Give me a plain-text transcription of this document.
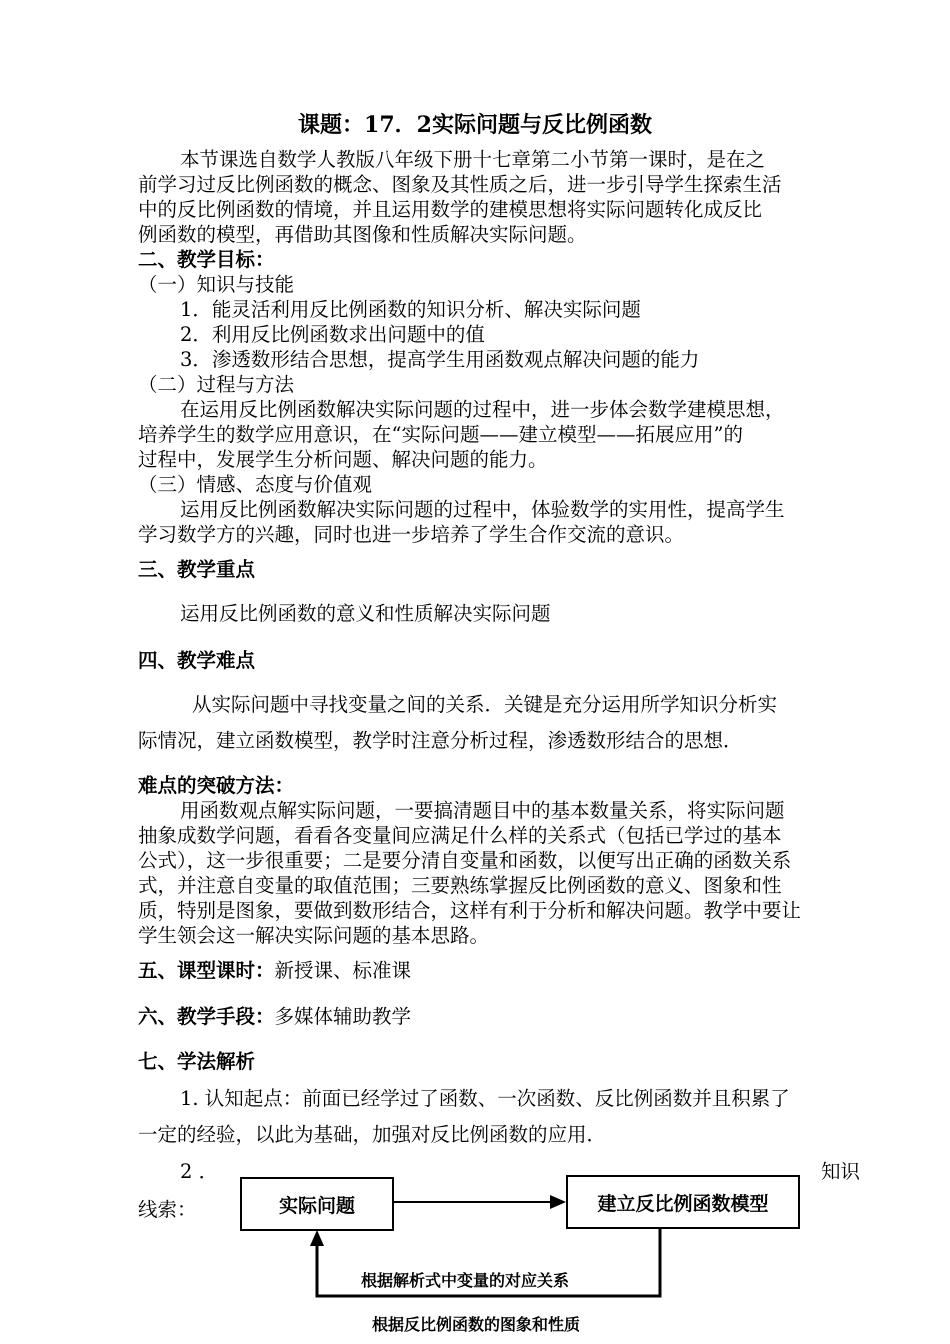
课题：17．2实际问题与反比例函数
本节课选自数学人教版八年级下册十七章第二小节第一课时，是在之
前学习过反比例函数的概念、图象及其性质之后，进一步引导学生探索生活
中的反比例函数的情境，并且运用数学的建模思想将实际问题转化成反比
例函数的模型，再借助其图像和性质解决实际问题。
二、教学目标：
（一）知识与技能
1．能灵活利用反比例函数的知识分析、解决实际问题
2．利用反比例函数求出问题中的值
3．渗透数形结合思想，提高学生用函数观点解决问题的能力
（二）过程与方法
在运用反比例函数解决实际问题的过程中，进一步体会数学建模思想，
培养学生的数学应用意识，在“实际问题——建立模型——拓展应用”的
过程中，发展学生分析问题、解决问题的能力。
（三）情感、态度与价值观
运用反比例函数解决实际问题的过程中，体验数学的实用性，提高学生
学习数学方的兴趣，同时也进一步培养了学生合作交流的意识。
三、教学重点
运用反比例函数的意义和性质解决实际问题
四、教学难点
从实际问题中寻找变量之间的关系．关键是充分运用所学知识分析实
际情况，建立函数模型，教学时注意分析过程，渗透数形结合的思想．
难点的突破方法：
用函数观点解实际问题，一要搞清题目中的基本数量关系，将实际问题
抽象成数学问题，看看各变量间应满足什么样的关系式（包括已学过的基本
公式），这一步很重要；二是要分清自变量和函数，以便写出正确的函数关系
式，并注意自变量的取值范围；三要熟练掌握反比例函数的意义、图象和性
质，特别是图象，要做到数形结合，这样有利于分析和解决问题。教学中要让
学生领会这一解决实际问题的基本思路。
五、课型课时：新授课、标准课
六、教学手段：多媒体辅助教学
七、学法解析
1. 认知起点：前面已经学过了函数、一次函数、反比例函数并且积累了
一定的经验，以此为基础，加强对反比例函数的应用．
2 ．	知识
线索：	实际问题	建立反比例函数模型
根据解析式中变量的对应关系
根据反比例函数的图象和性质
